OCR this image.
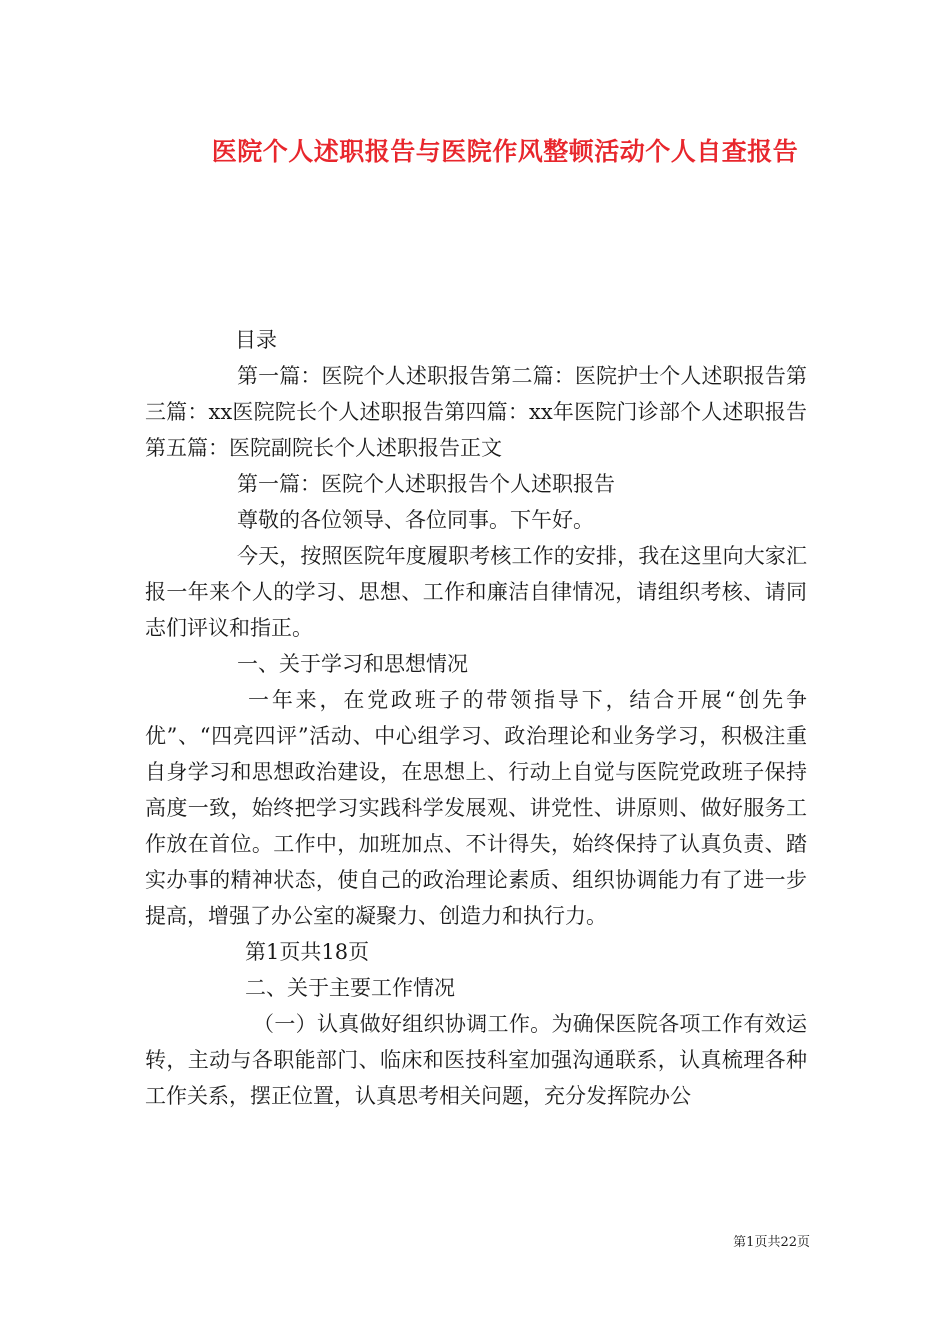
医院个人述职报告与医院作风整顿活动个人自查报告

目录

第一篇：医院个人述职报告第二篇：医院护士个人述职报告第三篇：xx医院院长个人述职报告第四篇：xx年医院门诊部个人述职报告第五篇：医院副院长个人述职报告正文

第一篇：医院个人述职报告个人述职报告

尊敬的各位领导、各位同事。下午好。

今天，按照医院年度履职考核工作的安排，我在这里向大家汇报一年来个人的学习、思想、工作和廉洁自律情况，请组织考核、请同志们评议和指正。

一、关于学习和思想情况

一年来，在党政班子的带领指导下，结合开展“创先争优”、“四亮四评”活动、中心组学习、政治理论和业务学习，积极注重自身学习和思想政治建设，在思想上、行动上自觉与医院党政班子保持高度一致，始终把学习实践科学发展观、讲党性、讲原则、做好服务工作放在首位。工作中，加班加点、不计得失，始终保持了认真负责、踏实办事的精神状态，使自己的政治理论素质、组织协调能力有了进一步提高，增强了办公室的凝聚力、创造力和执行力。

第1页共18页

二、关于主要工作情况

（一）认真做好组织协调工作。为确保医院各项工作有效运转，主动与各职能部门、临床和医技科室加强沟通联系，认真梳理各种工作关系，摆正位置，认真思考相关问题，充分发挥院办公

第1页共22页
